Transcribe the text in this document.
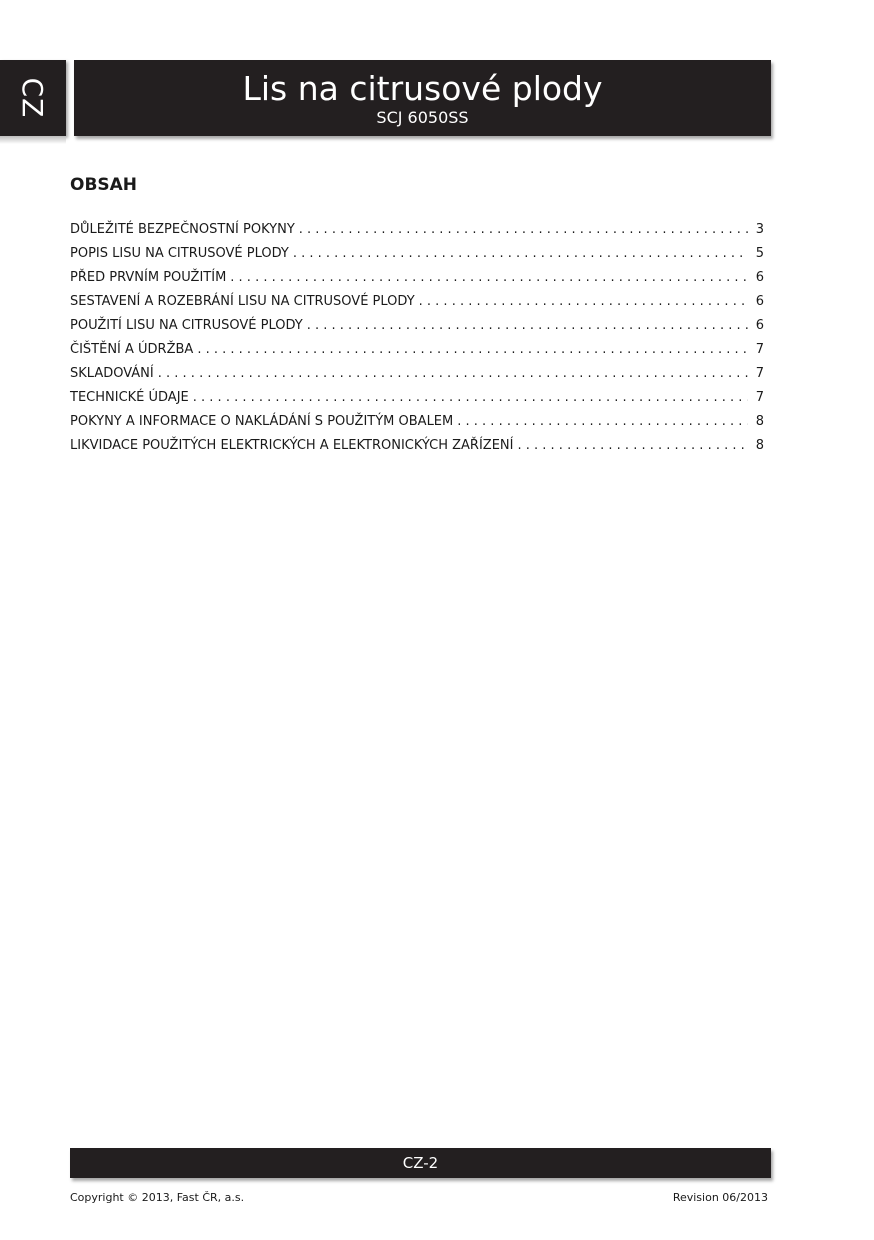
CZ	Lis na citrusové plody
SCJ 6050SS
OBSAH
DŮLEŽITÉ BEZPEČNOSTNÍ POKYNY . . .	3
POPIS LISU NA CITRUSOVÉ PLODY . . .	5
PŘED PRVNÍM POUŽITÍM . . .	6
SESTAVENÍ A ROZEBRÁNÍ LISU NA CITRUSOVÉ PLODY . . .	6
POUŽITÍ LISU NA CITRUSOVÉ PLODY . . .	6
ČIŠTĚNÍ A ÚDRŽBA . . .	7
SKLADOVÁNÍ . . .	7
TECHNICKÉ ÚDAJE . . .	7
POKYNY A INFORMACE O NAKLÁDÁNÍ S POUŽITÝM OBALEM . . .	8
LIKVIDACE POUŽITÝCH ELEKTRICKÝCH A ELEKTRONICKÝCH ZAŘÍZENÍ . . .	8
CZ-2
Copyright © 2013, Fast ČR, a.s.	Revision 06/2013
